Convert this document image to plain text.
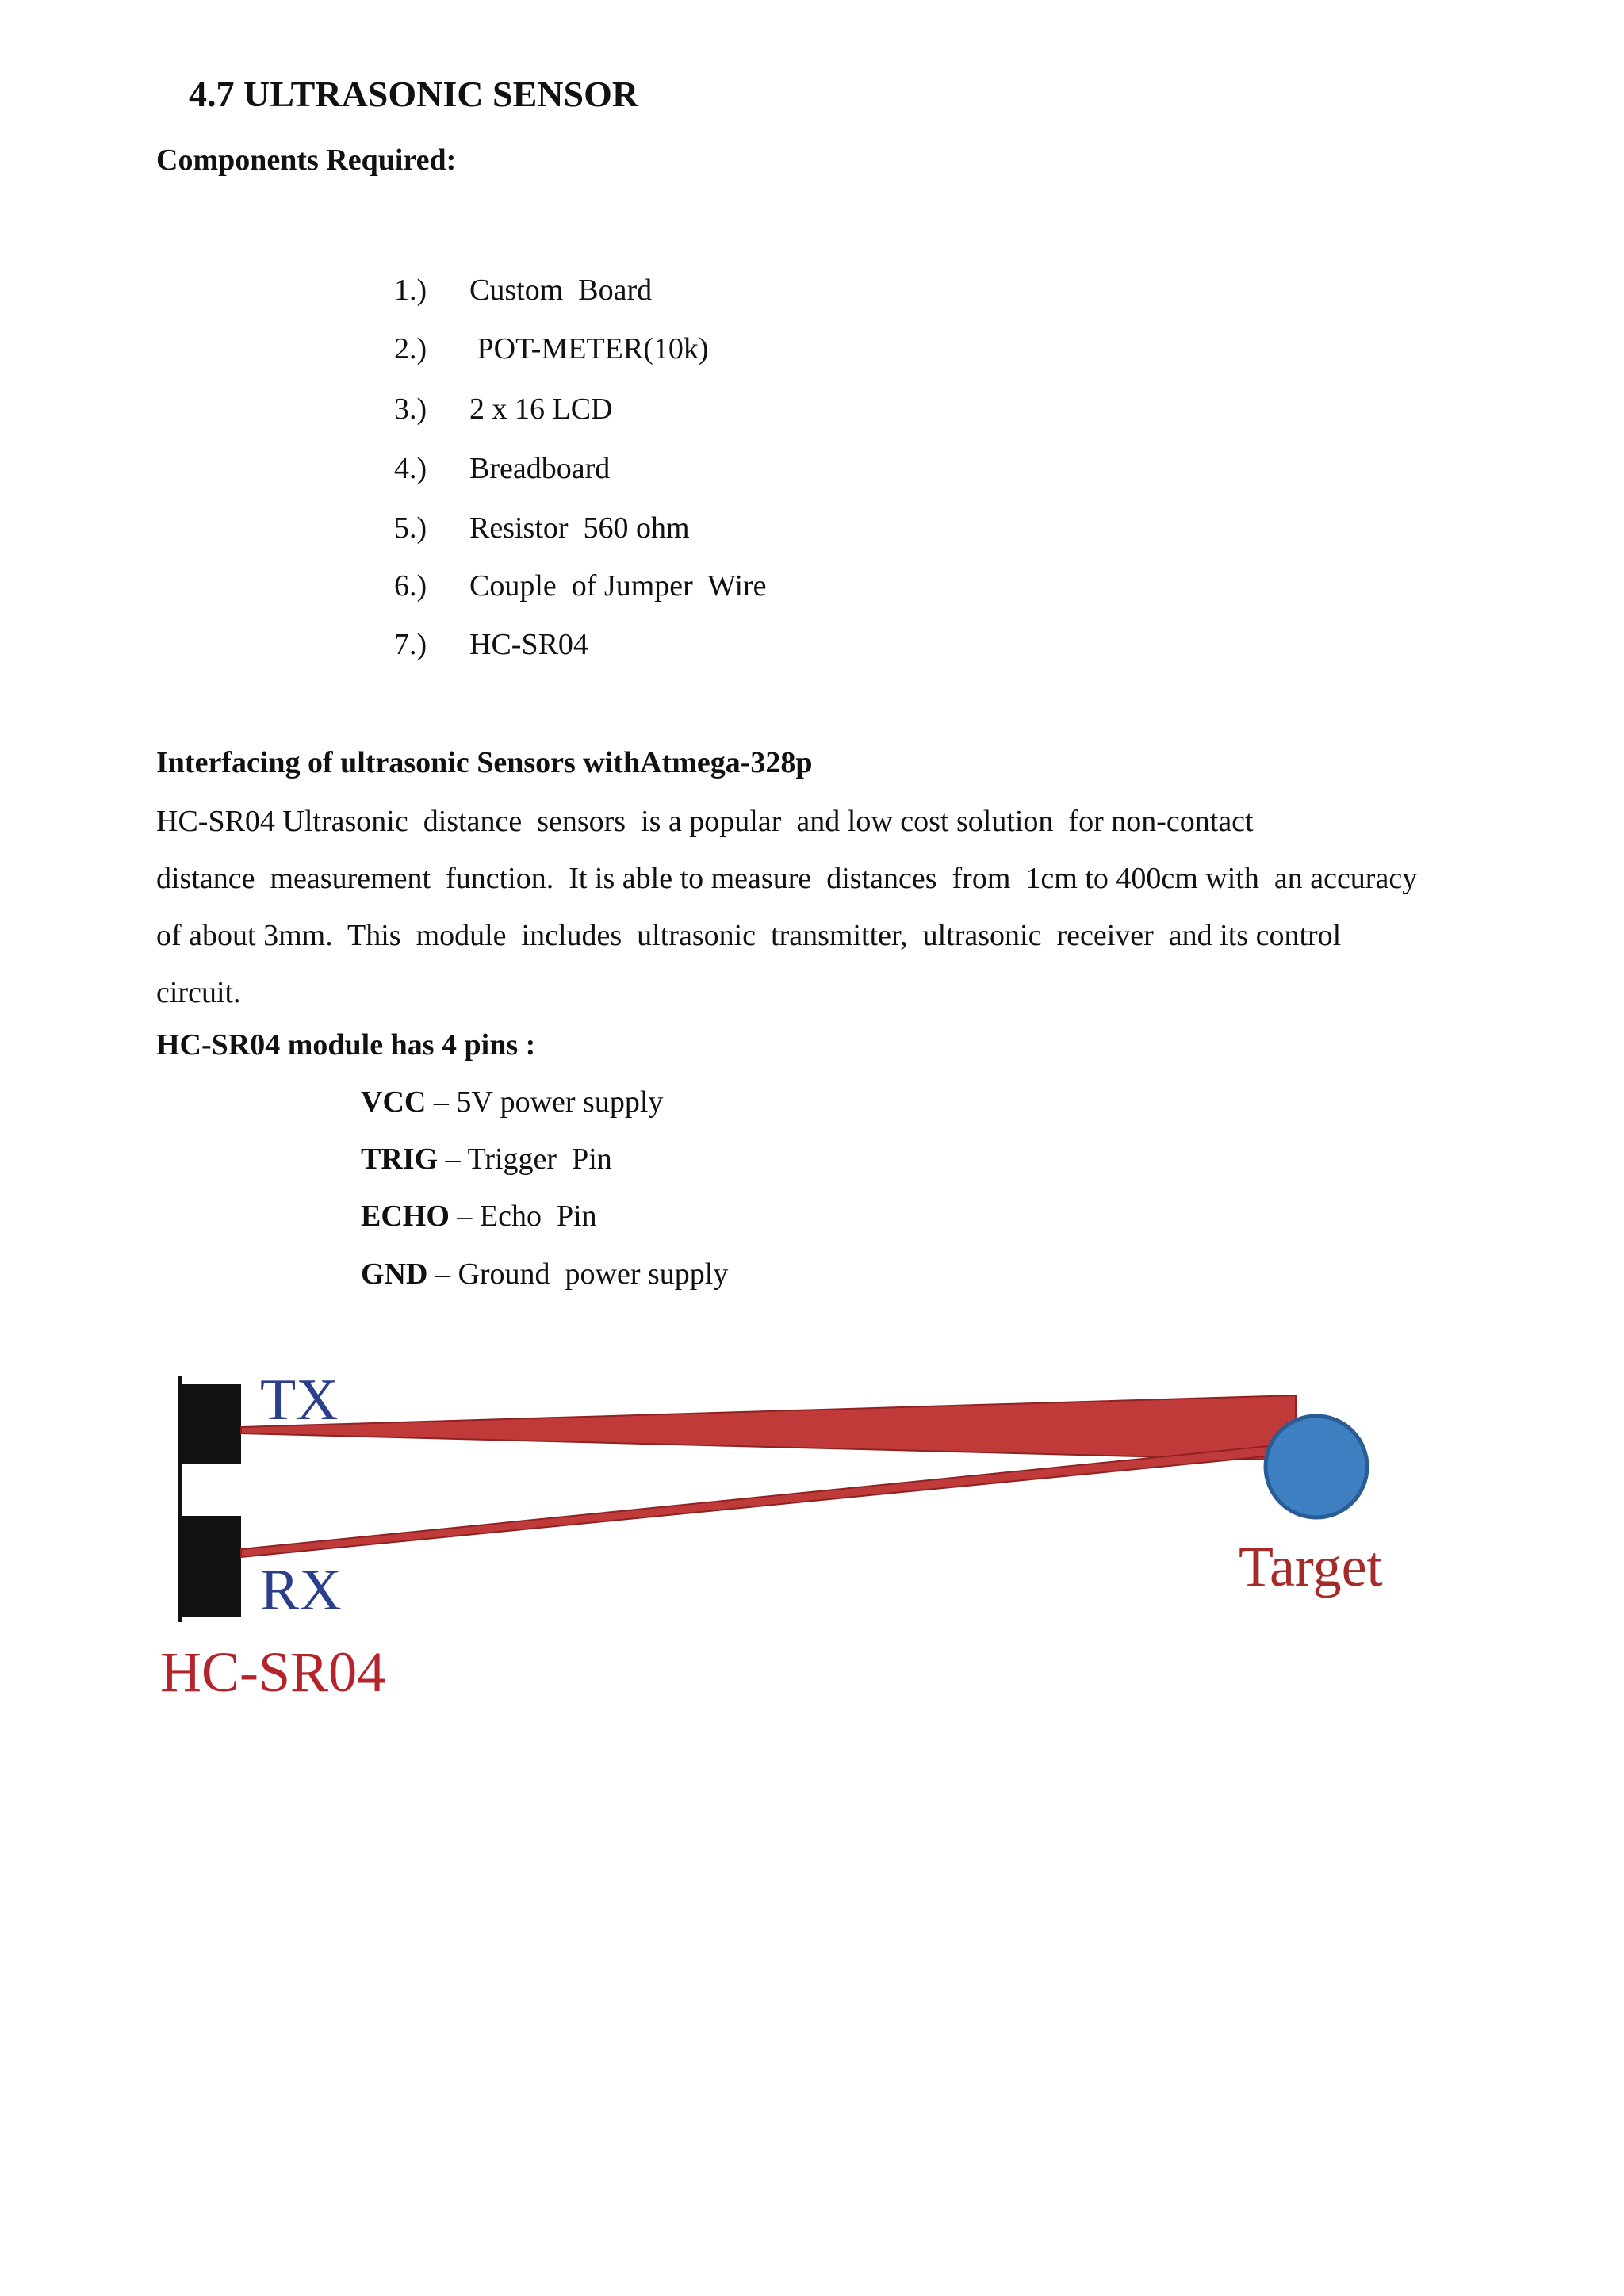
4.7 ULTRASONIC SENSOR
Components Required:
1.) Custom  Board
2.) POT-METER(10k)
3.) 2 x 16 LCD
4.) Breadboard
5.) Resistor  560 ohm
6.) Couple  of Jumper  Wire
7.) HC-SR04
Interfacing of ultrasonic Sensors withAtmega-328p
HC-SR04 Ultrasonic  distance  sensors  is a popular  and low cost solution  for non-contact
distance  measurement  function.  It is able to measure  distances  from  1cm to 400cm with  an accuracy
of about 3mm.  This  module  includes  ultrasonic  transmitter,  ultrasonic  receiver  and its control
circuit.
HC-SR04 module has 4 pins :
VCC – 5V power supply
TRIG – Trigger  Pin
ECHO – Echo  Pin
GND – Ground  power supply
TX
RX	Target
HC-SR04
